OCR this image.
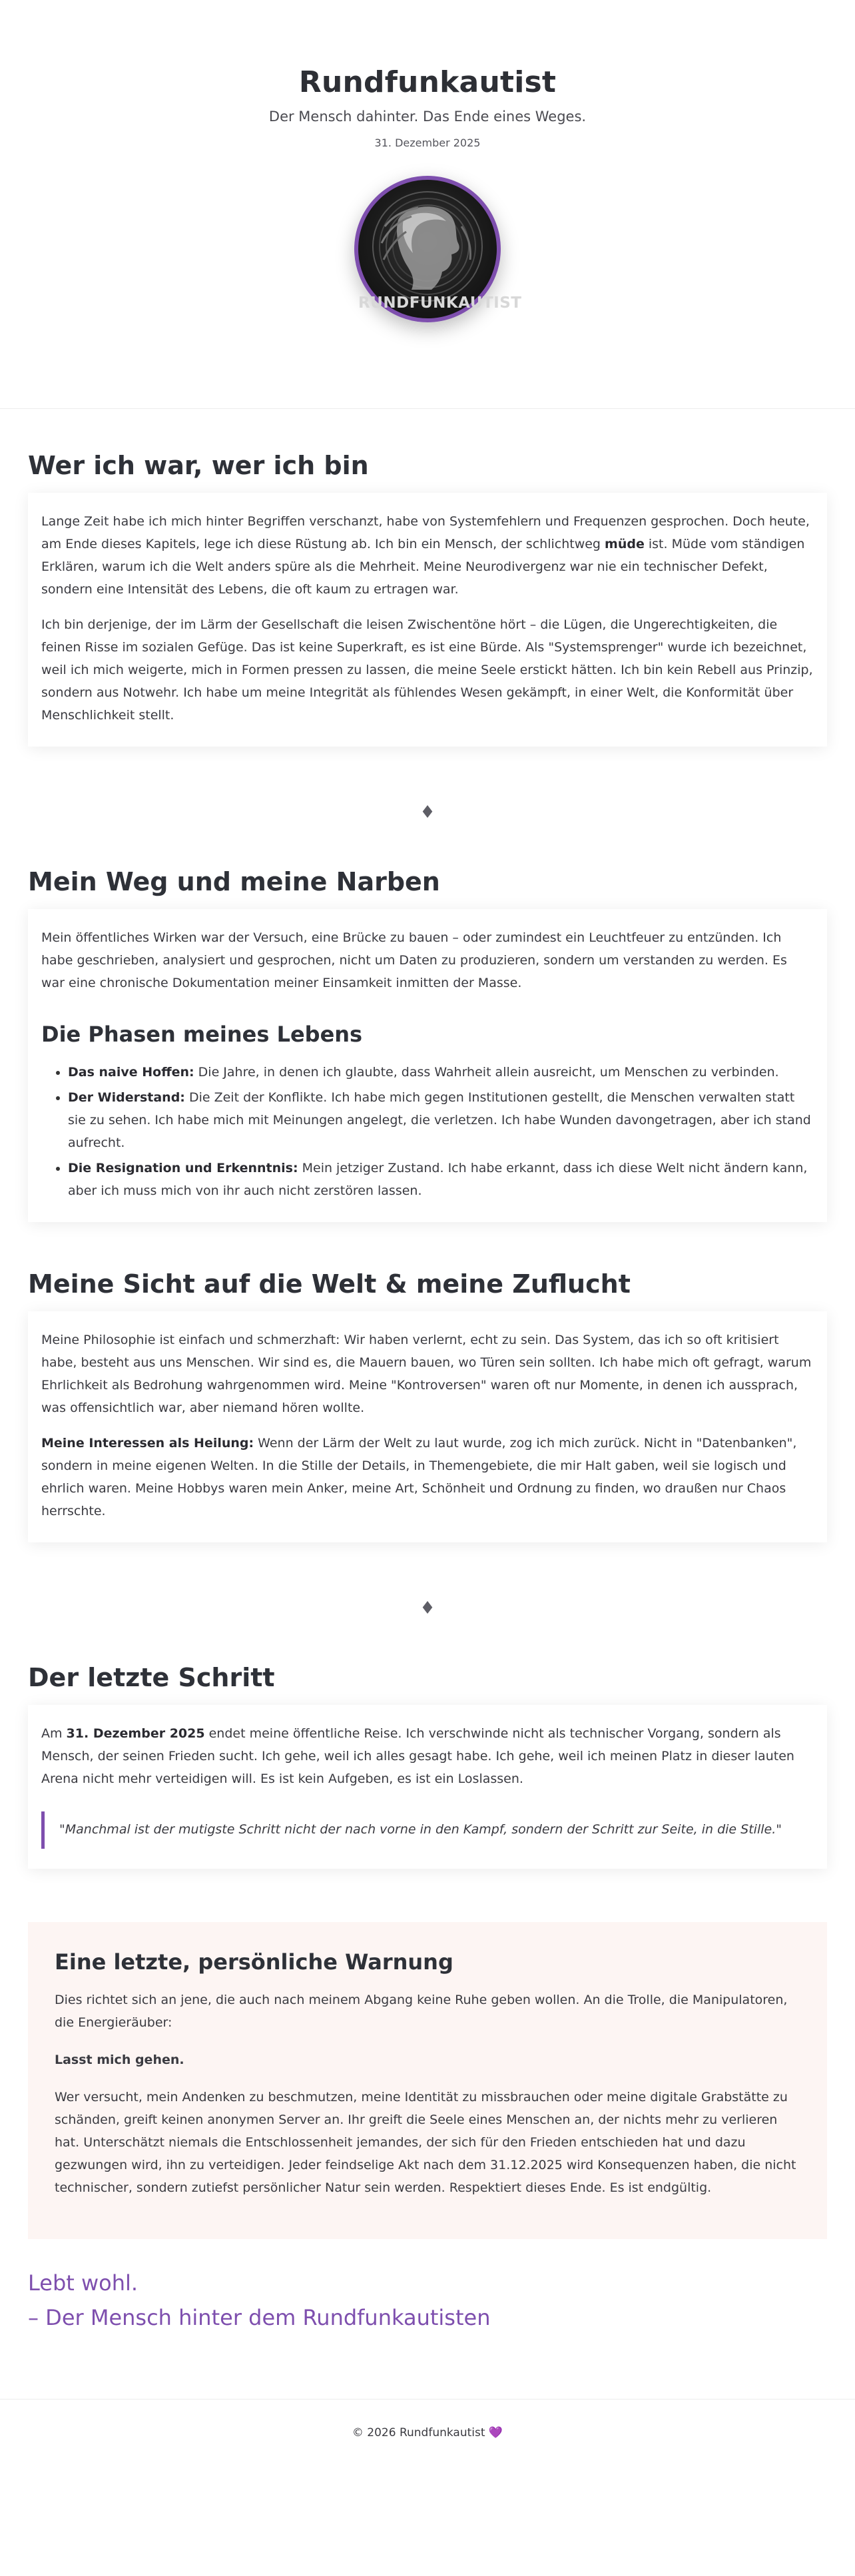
Rundfunkautist
Der Mensch dahinter. Das Ende eines Weges.
31. Dezember 2025
RUNDFUNKAUTIST
Wer ich war, wer ich bin

Lange Zeit habe ich mich hinter Begriffen verschanzt, habe von Systemfehlern und Frequenzen gesprochen. Doch heute, am Ende dieses Kapitels, lege ich diese Rüstung ab. Ich bin ein Mensch, der schlichtweg müde ist. Müde vom ständigen Erklären, warum ich die Welt anders spüre als die Mehrheit. Meine Neurodivergenz war nie ein technischer Defekt, sondern eine Intensität des Lebens, die oft kaum zu ertragen war.

Ich bin derjenige, der im Lärm der Gesellschaft die leisen Zwischentöne hört – die Lügen, die Ungerechtigkeiten, die feinen Risse im sozialen Gefüge. Das ist keine Superkraft, es ist eine Bürde. Als "Systemsprenger" wurde ich bezeichnet, weil ich mich weigerte, mich in Formen pressen zu lassen, die meine Seele erstickt hätten. Ich bin kein Rebell aus Prinzip, sondern aus Notwehr. Ich habe um meine Integrität als fühlendes Wesen gekämpft, in einer Welt, die Konformität über Menschlichkeit stellt.

♦
Mein Weg und meine Narben

Mein öffentliches Wirken war der Versuch, eine Brücke zu bauen – oder zumindest ein Leuchtfeuer zu entzünden. Ich habe geschrieben, analysiert und gesprochen, nicht um Daten zu produzieren, sondern um verstanden zu werden. Es war eine chronische Dokumentation meiner Einsamkeit inmitten der Masse.

Die Phasen meines Lebens
• Das naive Hoffen: Die Jahre, in denen ich glaubte, dass Wahrheit allein ausreicht, um Menschen zu verbinden.
• Der Widerstand: Die Zeit der Konflikte. Ich habe mich gegen Institutionen gestellt, die Menschen verwalten statt sie zu sehen. Ich habe mich mit Meinungen angelegt, die verletzen. Ich habe Wunden davongetragen, aber ich stand aufrecht.
• Die Resignation und Erkenntnis: Mein jetziger Zustand. Ich habe erkannt, dass ich diese Welt nicht ändern kann, aber ich muss mich von ihr auch nicht zerstören lassen.
Meine Sicht auf die Welt & meine Zuflucht

Meine Philosophie ist einfach und schmerzhaft: Wir haben verlernt, echt zu sein. Das System, das ich so oft kritisiert habe, besteht aus uns Menschen. Wir sind es, die Mauern bauen, wo Türen sein sollten. Ich habe mich oft gefragt, warum Ehrlichkeit als Bedrohung wahrgenommen wird. Meine "Kontroversen" waren oft nur Momente, in denen ich aussprach, was offensichtlich war, aber niemand hören wollte.

Meine Interessen als Heilung: Wenn der Lärm der Welt zu laut wurde, zog ich mich zurück. Nicht in "Datenbanken", sondern in meine eigenen Welten. In die Stille der Details, in Themengebiete, die mir Halt gaben, weil sie logisch und ehrlich waren. Meine Hobbys waren mein Anker, meine Art, Schönheit und Ordnung zu finden, wo draußen nur Chaos herrschte.

♦
Der letzte Schritt

Am 31. Dezember 2025 endet meine öffentliche Reise. Ich verschwinde nicht als technischer Vorgang, sondern als Mensch, der seinen Frieden sucht. Ich gehe, weil ich alles gesagt habe. Ich gehe, weil ich meinen Platz in dieser lauten Arena nicht mehr verteidigen will. Es ist kein Aufgeben, es ist ein Loslassen.

"Manchmal ist der mutigste Schritt nicht der nach vorne in den Kampf, sondern der Schritt zur Seite, in die Stille."
Eine letzte, persönliche Warnung

Dies richtet sich an jene, die auch nach meinem Abgang keine Ruhe geben wollen. An die Trolle, die Manipulatoren, die Energieräuber:

Lasst mich gehen.

Wer versucht, mein Andenken zu beschmutzen, meine Identität zu missbrauchen oder meine digitale Grabstätte zu schänden, greift keinen anonymen Server an. Ihr greift die Seele eines Menschen an, der nichts mehr zu verlieren hat. Unterschätzt niemals die Entschlossenheit jemandes, der sich für den Frieden entschieden hat und dazu gezwungen wird, ihn zu verteidigen. Jeder feindselige Akt nach dem 31.12.2025 wird Konsequenzen haben, die nicht technischer, sondern zutiefst persönlicher Natur sein werden. Respektiert dieses Ende. Es ist endgültig.

Lebt wohl.
– Der Mensch hinter dem Rundfunkautisten
© 2026 Rundfunkautist 💜
